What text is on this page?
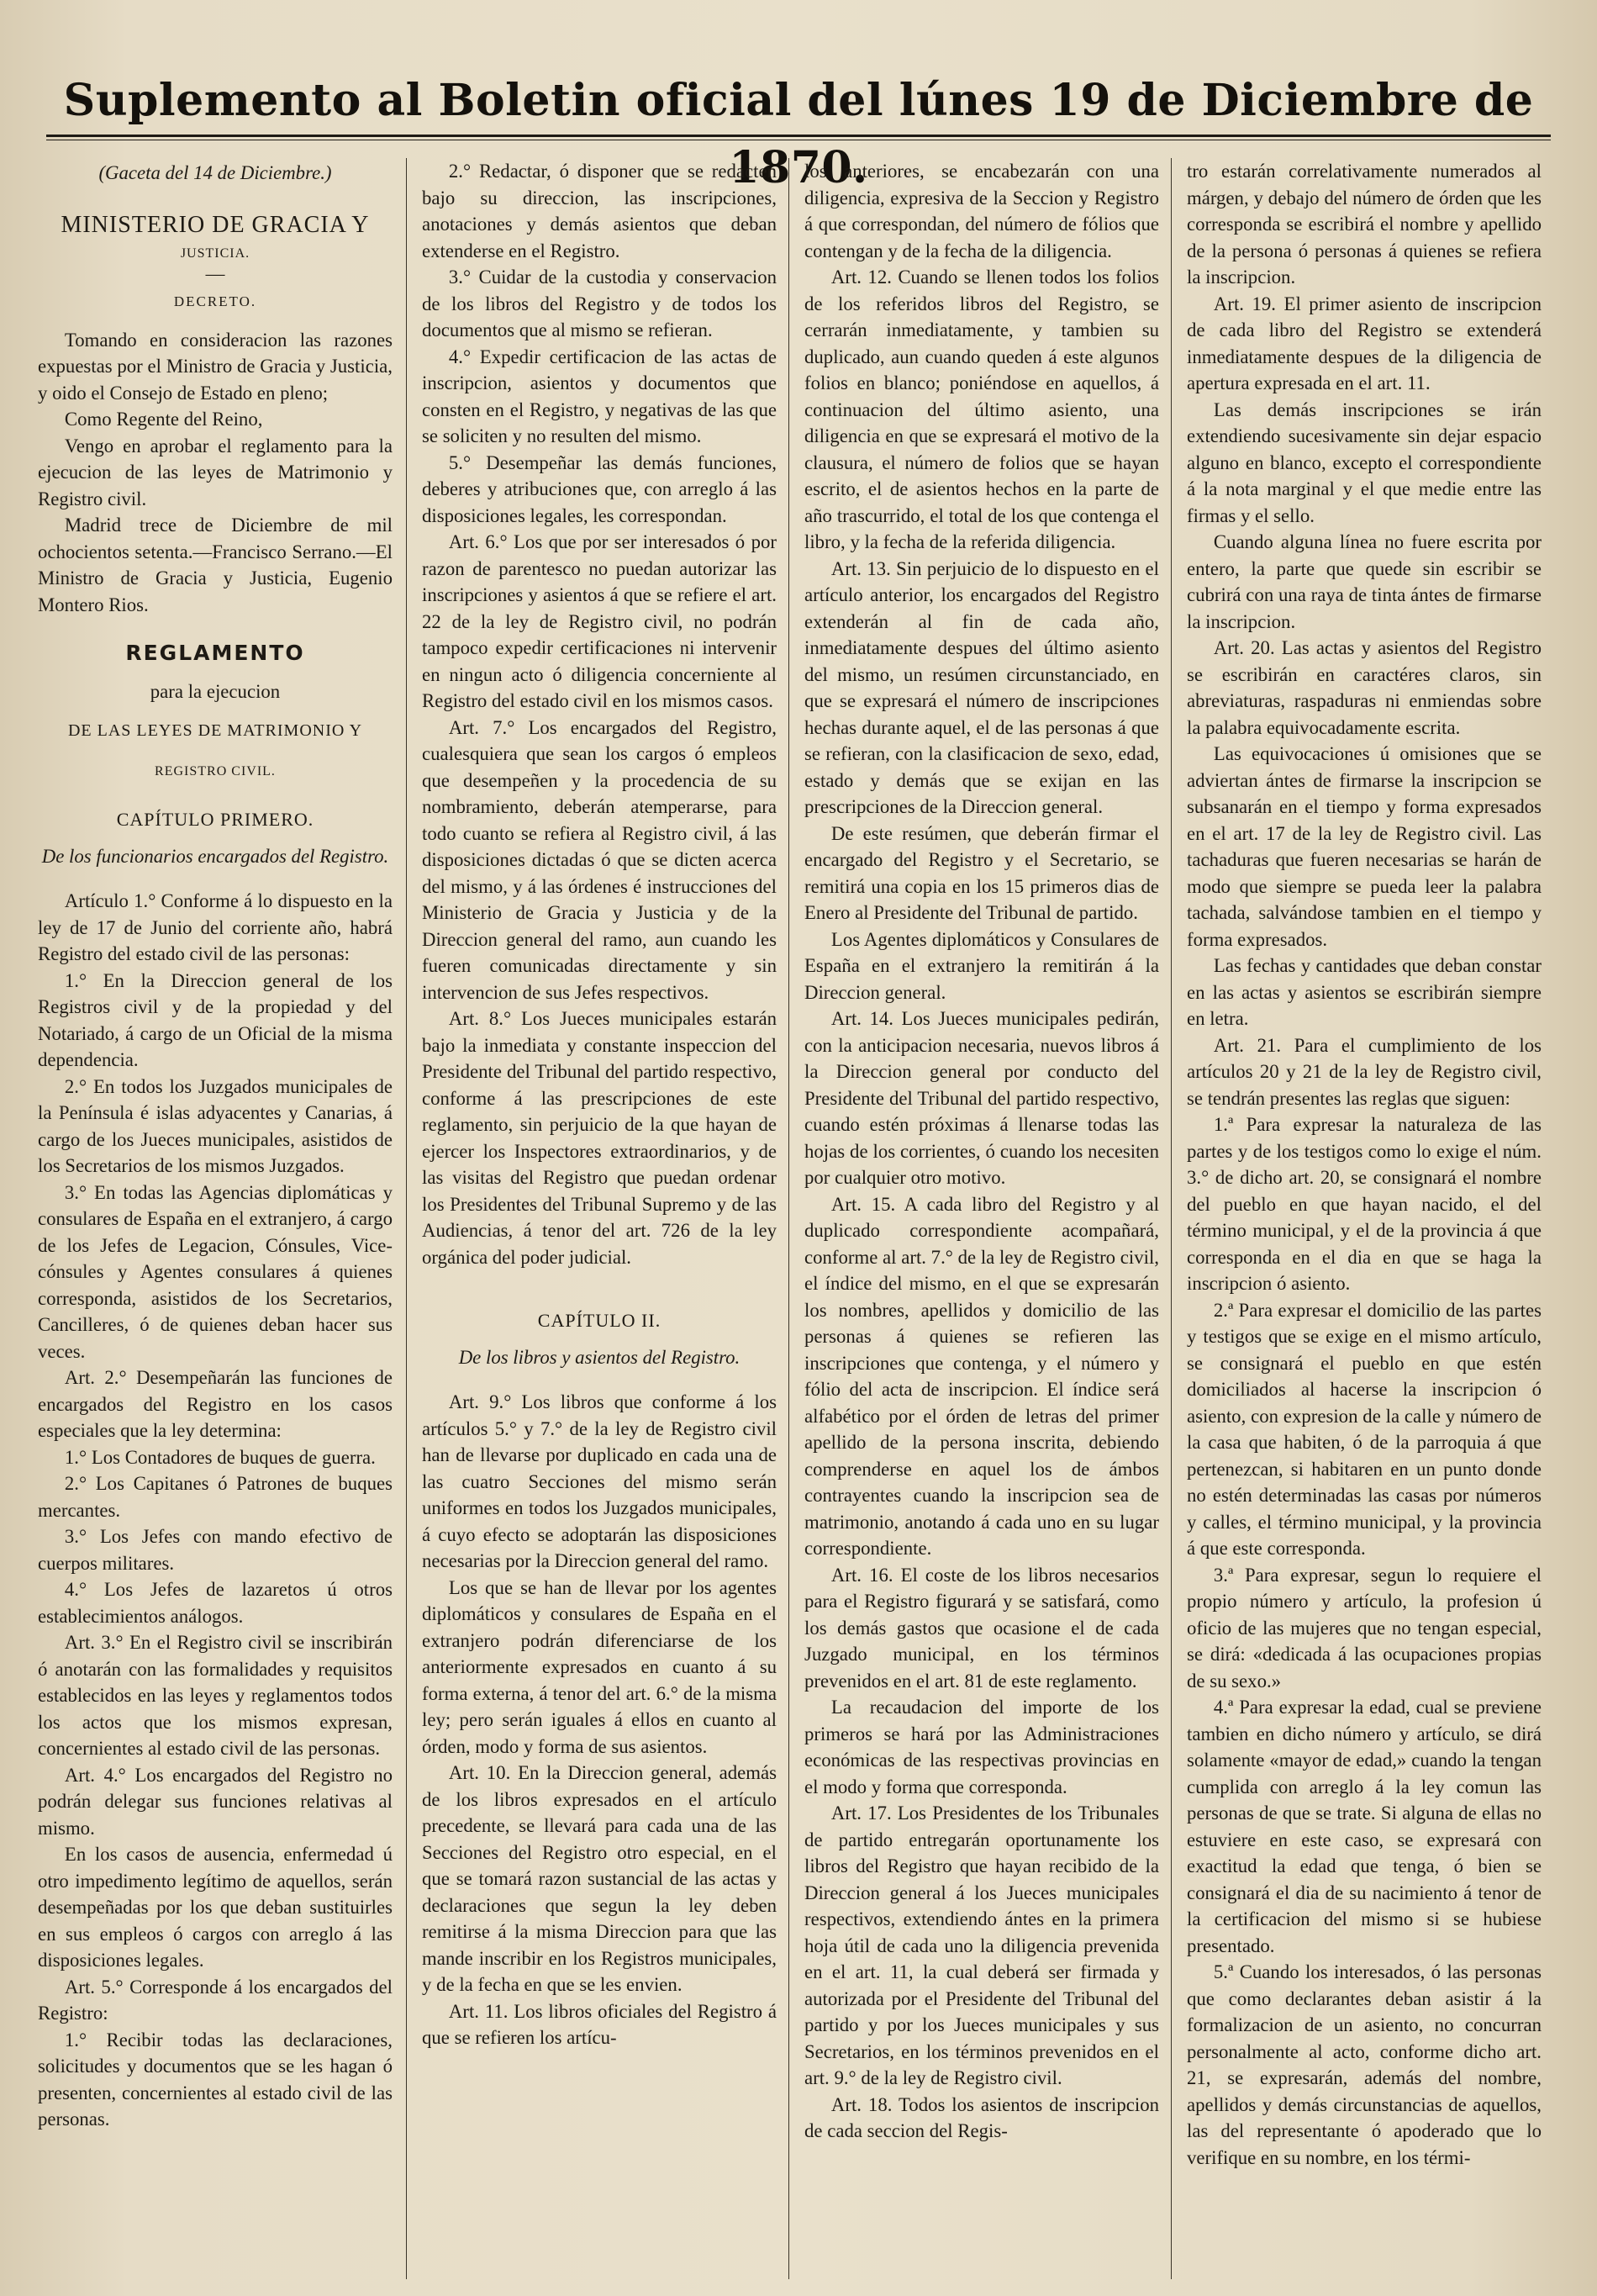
Suplemento al Boletin oficial del lúnes 19 de Diciembre de 1870.

(Gaceta del 14 de Diciembre.)

MINISTERIO DE GRACIA Y

JUSTICIA.

—

DECRETO.

Tomando en consideracion las razones expuestas por el Ministro de Gracia y Justicia, y oido el Consejo de Estado en pleno;

Como Regente del Reino,

Vengo en aprobar el reglamento para la ejecucion de las leyes de Matrimonio y Registro civil.

Madrid trece de Diciembre de mil ochocientos setenta.—Francisco Serrano.—El Ministro de Gracia y Justicia, Eugenio Montero Rios.

REGLAMENTO

para la ejecucion

DE LAS LEYES DE MATRIMONIO Y

REGISTRO CIVIL.

CAPÍTULO PRIMERO.

De los funcionarios encargados del Registro.

Artículo 1.° Conforme á lo dispuesto en la ley de 17 de Junio del corriente año, habrá Registro del estado civil de las personas:

1.° En la Direccion general de los Registros civil y de la propiedad y del Notariado, á cargo de un Oficial de la misma dependencia.

2.° En todos los Juzgados municipales de la Península é islas adyacentes y Canarias, á cargo de los Jueces municipales, asistidos de los Secretarios de los mismos Juzgados.

3.° En todas las Agencias diplomáticas y consulares de España en el extranjero, á cargo de los Jefes de Legacion, Cónsules, Vice-cónsules y Agentes consulares á quienes corresponda, asistidos de los Secretarios, Cancilleres, ó de quienes deban hacer sus veces.

Art. 2.° Desempeñarán las funciones de encargados del Registro en los casos especiales que la ley determina:

1.° Los Contadores de buques de guerra.

2.° Los Capitanes ó Patrones de buques mercantes.

3.° Los Jefes con mando efectivo de cuerpos militares.

4.° Los Jefes de lazaretos ú otros establecimientos análogos.

Art. 3.° En el Registro civil se inscribirán ó anotarán con las formalidades y requisitos establecidos en las leyes y reglamentos todos los actos que los mismos expresan, concernientes al estado civil de las personas.

Art. 4.° Los encargados del Registro no podrán delegar sus funciones relativas al mismo.

En los casos de ausencia, enfermedad ú otro impedimento legítimo de aquellos, serán desempeñadas por los que deban sustituirles en sus empleos ó cargos con arreglo á las disposiciones legales.

Art. 5.° Corresponde á los encargados del Registro:

1.° Recibir todas las declaraciones, solicitudes y documentos que se les hagan ó presenten, concernientes al estado civil de las personas.

2.° Redactar, ó disponer que se redacten bajo su direccion, las inscripciones, anotaciones y demás asientos que deban extenderse en el Registro.

3.° Cuidar de la custodia y conservacion de los libros del Registro y de todos los documentos que al mismo se refieran.

4.° Expedir certificacion de las actas de inscripcion, asientos y documentos que consten en el Registro, y negativas de las que se soliciten y no resulten del mismo.

5.° Desempeñar las demás funciones, deberes y atribuciones que, con arreglo á las disposiciones legales, les correspondan.

Art. 6.° Los que por ser interesados ó por razon de parentesco no puedan autorizar las inscripciones y asientos á que se refiere el art. 22 de la ley de Registro civil, no podrán tampoco expedir certificaciones ni intervenir en ningun acto ó diligencia concerniente al Registro del estado civil en los mismos casos.

Art. 7.° Los encargados del Registro, cualesquiera que sean los cargos ó empleos que desempeñen y la procedencia de su nombramiento, deberán atemperarse, para todo cuanto se refiera al Registro civil, á las disposiciones dictadas ó que se dicten acerca del mismo, y á las órdenes é instrucciones del Ministerio de Gracia y Justicia y de la Direccion general del ramo, aun cuando les fueren comunicadas directamente y sin intervencion de sus Jefes respectivos.

Art. 8.° Los Jueces municipales estarán bajo la inmediata y constante inspeccion del Presidente del Tribunal del partido respectivo, conforme á las prescripciones de este reglamento, sin perjuicio de la que hayan de ejercer los Inspectores extraordinarios, y de las visitas del Registro que puedan ordenar los Presidentes del Tribunal Supremo y de las Audiencias, á tenor del art. 726 de la ley orgánica del poder judicial.

CAPÍTULO II.

De los libros y asientos del Registro.

Art. 9.° Los libros que conforme á los artículos 5.° y 7.° de la ley de Registro civil han de llevarse por duplicado en cada una de las cuatro Secciones del mismo serán uniformes en todos los Juzgados municipales, á cuyo efecto se adoptarán las disposiciones necesarias por la Direccion general del ramo.

Los que se han de llevar por los agentes diplomáticos y consulares de España en el extranjero podrán diferenciarse de los anteriormente expresados en cuanto á su forma externa, á tenor del art. 6.° de la misma ley; pero serán iguales á ellos en cuanto al órden, modo y forma de sus asientos.

Art. 10. En la Direccion general, además de los libros expresados en el artículo precedente, se llevará para cada una de las Secciones del Registro otro especial, en el que se tomará razon sustancial de las actas y declaraciones que segun la ley deben remitirse á la misma Direccion para que las mande inscribir en los Registros municipales, y de la fecha en que se les envien.

Art. 11. Los libros oficiales del Registro á que se refieren los artícu-

los anteriores, se encabezarán con una diligencia, expresiva de la Seccion y Registro á que correspondan, del número de fólios que contengan y de la fecha de la diligencia.

Art. 12. Cuando se llenen todos los folios de los referidos libros del Registro, se cerrarán inmediatamente, y tambien su duplicado, aun cuando queden á este algunos folios en blanco; poniéndose en aquellos, á continuacion del último asiento, una diligencia en que se expresará el motivo de la clausura, el número de folios que se hayan escrito, el de asientos hechos en la parte de año trascurrido, el total de los que contenga el libro, y la fecha de la referida diligencia.

Art. 13. Sin perjuicio de lo dispuesto en el artículo anterior, los encargados del Registro extenderán al fin de cada año, inmediatamente despues del último asiento del mismo, un resúmen circunstanciado, en que se expresará el número de inscripciones hechas durante aquel, el de las personas á que se refieran, con la clasificacion de sexo, edad, estado y demás que se exijan en las prescripciones de la Direccion general.

De este resúmen, que deberán firmar el encargado del Registro y el Secretario, se remitirá una copia en los 15 primeros dias de Enero al Presidente del Tribunal de partido.

Los Agentes diplomáticos y Consulares de España en el extranjero la remitirán á la Direccion general.

Art. 14. Los Jueces municipales pedirán, con la anticipacion necesaria, nuevos libros á la Direccion general por conducto del Presidente del Tribunal del partido respectivo, cuando estén próximas á llenarse todas las hojas de los corrientes, ó cuando los necesiten por cualquier otro motivo.

Art. 15. A cada libro del Registro y al duplicado correspondiente acompañará, conforme al art. 7.° de la ley de Registro civil, el índice del mismo, en el que se expresarán los nombres, apellidos y domicilio de las personas á quienes se refieren las inscripciones que contenga, y el número y fólio del acta de inscripcion. El índice será alfabético por el órden de letras del primer apellido de la persona inscrita, debiendo comprenderse en aquel los de ámbos contrayentes cuando la inscripcion sea de matrimonio, anotando á cada uno en su lugar correspondiente.

Art. 16. El coste de los libros necesarios para el Registro figurará y se satisfará, como los demás gastos que ocasione el de cada Juzgado municipal, en los términos prevenidos en el art. 81 de este reglamento.

La recaudacion del importe de los primeros se hará por las Administraciones económicas de las respectivas provincias en el modo y forma que corresponda.

Art. 17. Los Presidentes de los Tribunales de partido entregarán oportunamente los libros del Registro que hayan recibido de la Direccion general á los Jueces municipales respectivos, extendiendo ántes en la primera hoja útil de cada uno la diligencia prevenida en el art. 11, la cual deberá ser firmada y autorizada por el Presidente del Tribunal del partido y por los Jueces municipales y sus Secretarios, en los términos prevenidos en el art. 9.° de la ley de Registro civil.

Art. 18. Todos los asientos de inscripcion de cada seccion del Regis-

tro estarán correlativamente numerados al márgen, y debajo del número de órden que les corresponda se escribirá el nombre y apellido de la persona ó personas á quienes se refiera la inscripcion.

Art. 19. El primer asiento de inscripcion de cada libro del Registro se extenderá inmediatamente despues de la diligencia de apertura expresada en el art. 11.

Las demás inscripciones se irán extendiendo sucesivamente sin dejar espacio alguno en blanco, excepto el correspondiente á la nota marginal y el que medie entre las firmas y el sello.

Cuando alguna línea no fuere escrita por entero, la parte que quede sin escribir se cubrirá con una raya de tinta ántes de firmarse la inscripcion.

Art. 20. Las actas y asientos del Registro se escribirán en caractéres claros, sin abreviaturas, raspaduras ni enmiendas sobre la palabra equivocadamente escrita.

Las equivocaciones ú omisiones que se adviertan ántes de firmarse la inscripcion se subsanarán en el tiempo y forma expresados en el art. 17 de la ley de Registro civil. Las tachaduras que fueren necesarias se harán de modo que siempre se pueda leer la palabra tachada, salvándose tambien en el tiempo y forma expresados.

Las fechas y cantidades que deban constar en las actas y asientos se escribirán siempre en letra.

Art. 21. Para el cumplimiento de los artículos 20 y 21 de la ley de Registro civil, se tendrán presentes las reglas que siguen:

1.ª Para expresar la naturaleza de las partes y de los testigos como lo exige el núm. 3.° de dicho art. 20, se consignará el nombre del pueblo en que hayan nacido, el del término municipal, y el de la provincia á que corresponda en el dia en que se haga la inscripcion ó asiento.

2.ª Para expresar el domicilio de las partes y testigos que se exige en el mismo artículo, se consignará el pueblo en que estén domiciliados al hacerse la inscripcion ó asiento, con expresion de la calle y número de la casa que habiten, ó de la parroquia á que pertenezcan, si habitaren en un punto donde no estén determinadas las casas por números y calles, el término municipal, y la provincia á que este corresponda.

3.ª Para expresar, segun lo requiere el propio número y artículo, la profesion ú oficio de las mujeres que no tengan especial, se dirá: «dedicada á las ocupaciones propias de su sexo.»

4.ª Para expresar la edad, cual se previene tambien en dicho número y artículo, se dirá solamente «mayor de edad,» cuando la tengan cumplida con arreglo á la ley comun las personas de que se trate. Si alguna de ellas no estuviere en este caso, se expresará con exactitud la edad que tenga, ó bien se consignará el dia de su nacimiento á tenor de la certificacion del mismo si se hubiese presentado.

5.ª Cuando los interesados, ó las personas que como declarantes deban asistir á la formalizacion de un asiento, no concurran personalmente al acto, conforme dicho art. 21, se expresarán, además del nombre, apellidos y demás circunstancias de aquellos, las del representante ó apoderado que lo verifique en su nombre, en los térmi-
